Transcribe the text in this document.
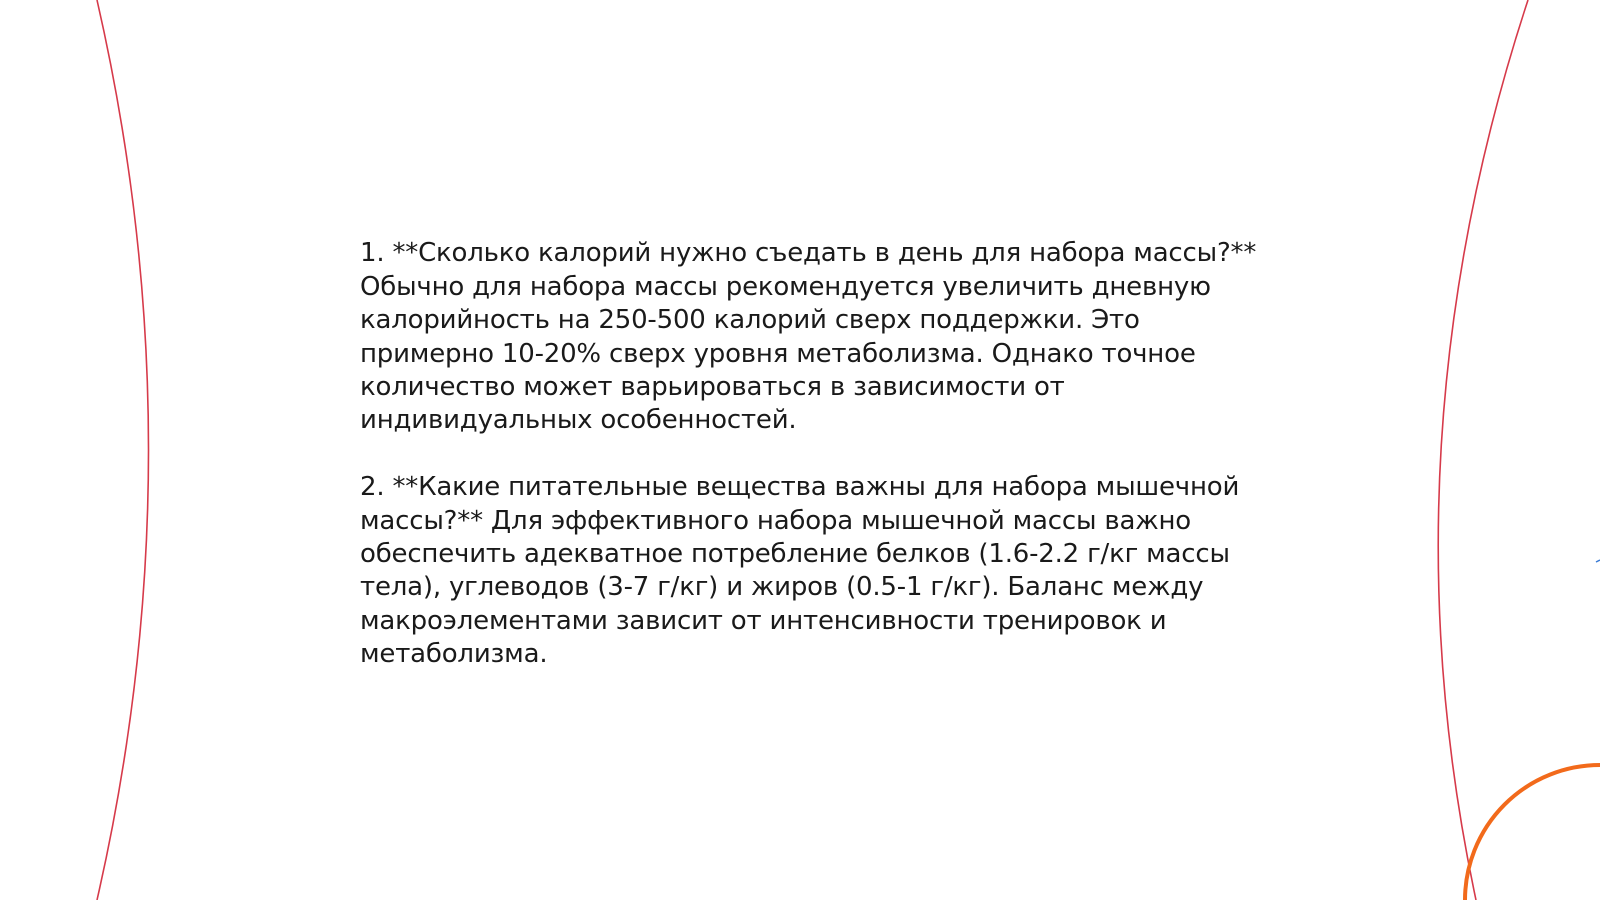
1. **Сколько калорий нужно съедать в день для набора массы?** Обычно для набора массы рекомендуется увеличить дневную калорийность на 250-500 калорий сверх поддержки. Это примерно 10-20% сверх уровня метаболизма. Однако точное количество может варьироваться в зависимости от индивидуальных особенностей.

2. **Какие питательные вещества важны для набора мышечной массы?** Для эффективного набора мышечной массы важно обеспечить адекватное потребление белков (1.6-2.2 г/кг массы тела), углеводов (3-7 г/кг) и жиров (0.5-1 г/кг). Баланс между макроэлементами зависит от интенсивности тренировок и метаболизма.
